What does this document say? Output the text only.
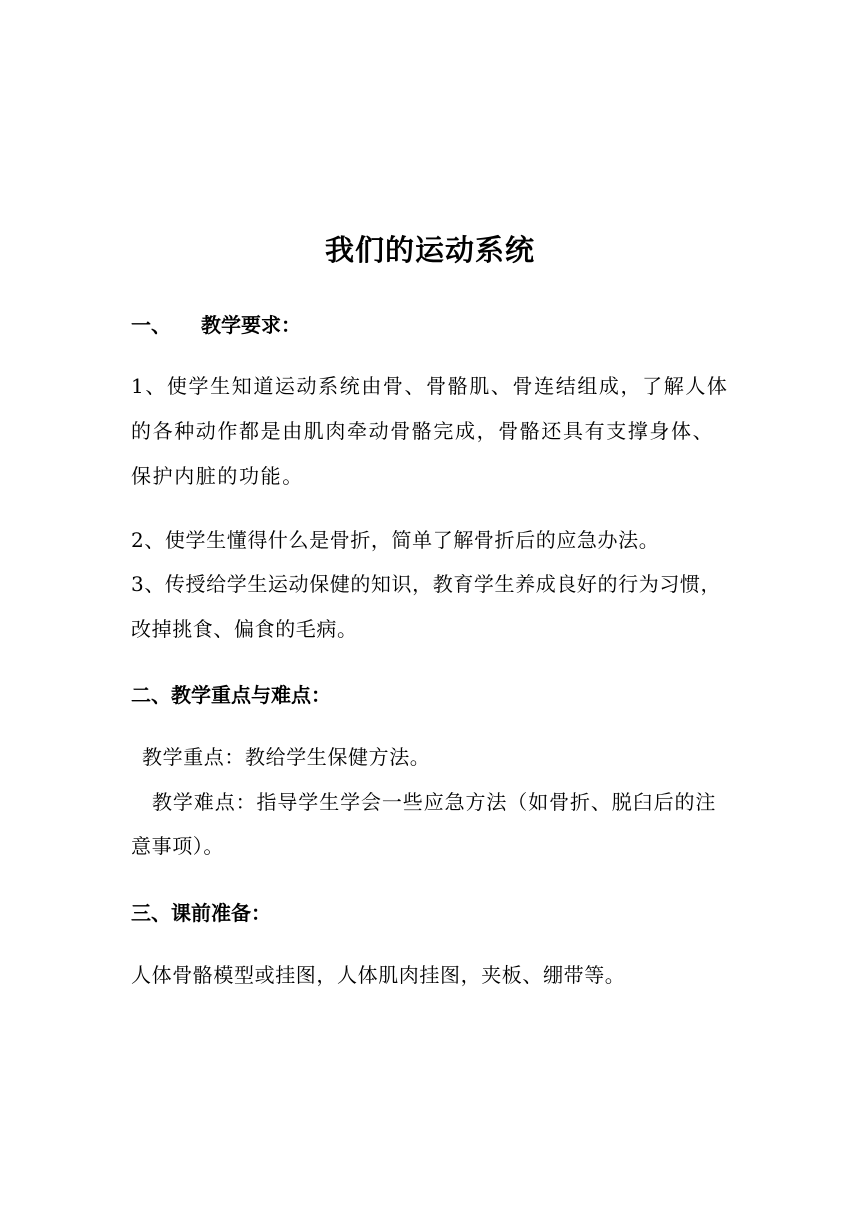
我们的运动系统
一、 教学要求：
1、使学生知道运动系统由骨、骨骼肌、骨连结组成，了解人体的各种动作都是由肌肉牵动骨骼完成，骨骼还具有支撑身体、保护内脏的功能。
2、使学生懂得什么是骨折，简单了解骨折后的应急办法。
3、传授给学生运动保健的知识，教育学生养成良好的行为习惯，
改掉挑食、偏食的毛病。
二、教学重点与难点：
教学重点：教给学生保健方法。
教学难点：指导学生学会一些应急方法（如骨折、脱臼后的注
意事项）。
三、课前准备：
人体骨骼模型或挂图，人体肌肉挂图，夹板、绷带等。
